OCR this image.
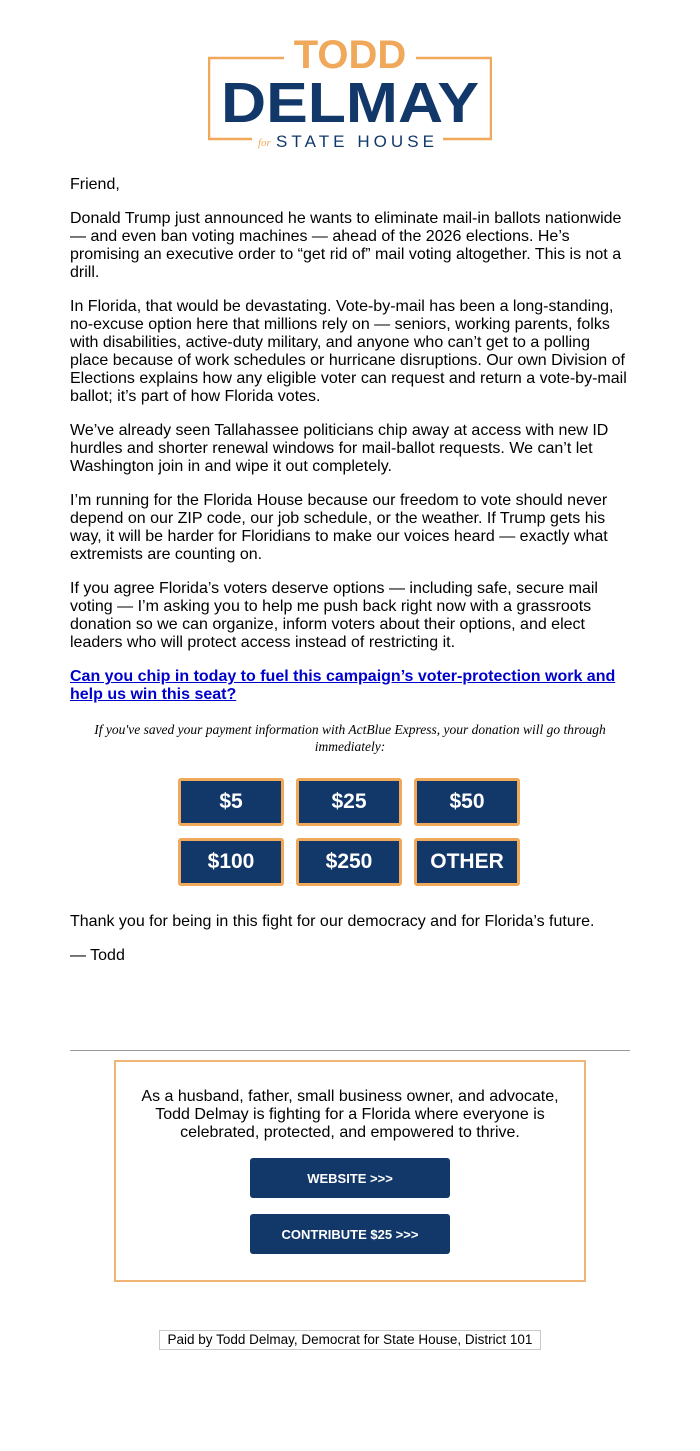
TODD
DELMAY
for STATE HOUSE

Friend,

Donald Trump just announced he wants to eliminate mail-in ballots nationwide — and even ban voting machines — ahead of the 2026 elections. He’s promising an executive order to “get rid of” mail voting altogether. This is not a drill.

In Florida, that would be devastating. Vote-by-mail has been a long-standing, no-excuse option here that millions rely on — seniors, working parents, folks with disabilities, active-duty military, and anyone who can’t get to a polling place because of work schedules or hurricane disruptions. Our own Division of Elections explains how any eligible voter can request and return a vote-by-mail ballot; it’s part of how Florida votes.

We’ve already seen Tallahassee politicians chip away at access with new ID hurdles and shorter renewal windows for mail-ballot requests. We can’t let Washington join in and wipe it out completely.

I’m running for the Florida House because our freedom to vote should never depend on our ZIP code, our job schedule, or the weather. If Trump gets his way, it will be harder for Floridians to make our voices heard — exactly what extremists are counting on.

If you agree Florida’s voters deserve options — including safe, secure mail voting — I’m asking you to help me push back right now with a grassroots donation so we can organize, inform voters about their options, and elect leaders who will protect access instead of restricting it.

Can you chip in today to fuel this campaign’s voter-protection work and help us win this seat?
If you've saved your payment information with ActBlue Express, your donation will go through immediately:
$5	$25	$50
$100	$250	OTHER

Thank you for being in this fight for our democracy and for Florida’s future.

— Todd

As a husband, father, small business owner, and advocate, Todd Delmay is fighting for a Florida where everyone is celebrated, protected, and empowered to thrive.
WEBSITE >>>
CONTRIBUTE $25 >>>
Paid by Todd Delmay, Democrat for State House, District 101
